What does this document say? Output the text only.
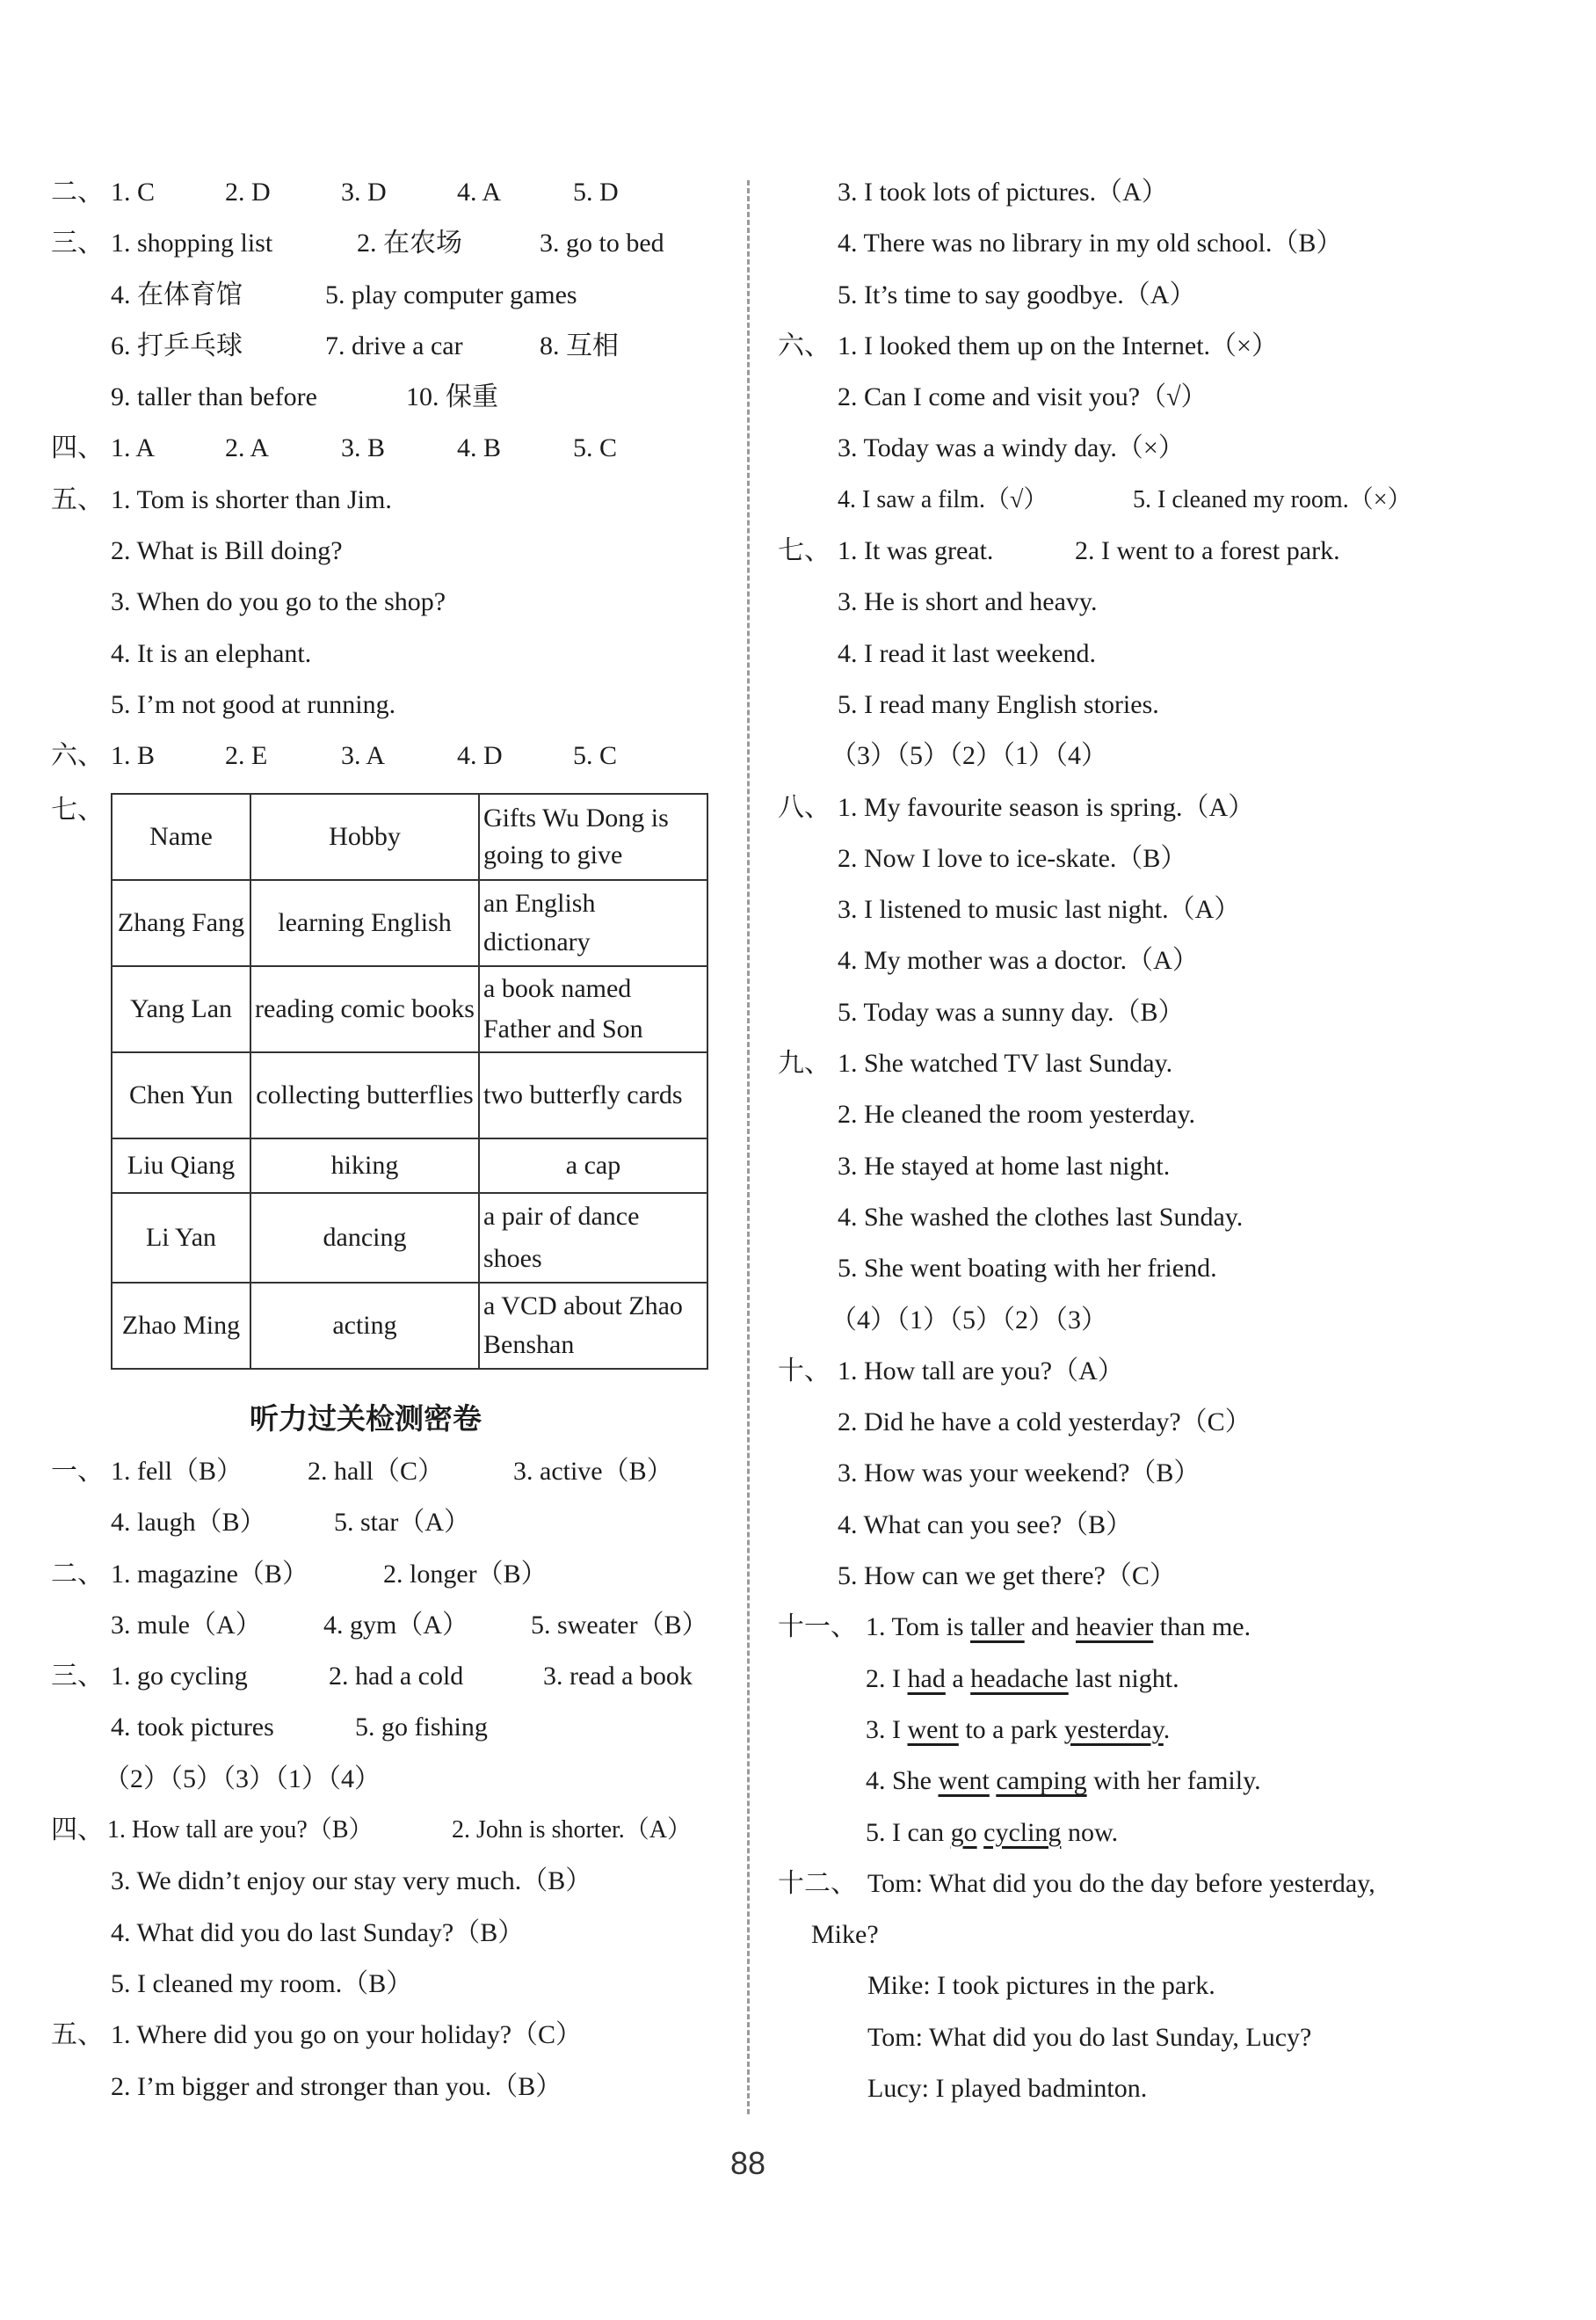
二、 1. C	2. D	3. D	4. A	5. D
三、 1. shopping list	2. 在农场	3. go to bed
4. 在体育馆	5. play computer games
6. 打乒乓球	7. drive a car	8. 互相
9. taller than before	10. 保重
四、 1. A	2. A	3. B	4. B	5. C
五、 1. Tom is shorter than Jim.
2. What is Bill doing?
3. When do you go to the shop?
4. It is an elephant.
5. I’m not good at running.
六、 1. B	2. E	3. A	4. D	5. C
七、
Name	Hobby	Gifts Wu Dong is going to give
Zhang Fang	learning English	an English dictionary
Yang Lan	reading comic books	a book named Father and Son
Chen Yun	collecting butterflies	two butterfly cards
Liu Qiang	hiking	a cap
Li Yan	dancing	a pair of dance shoes
Zhao Ming	acting	a VCD about Zhao Benshan
听力过关检测密卷
一、 1. fell（B） 2. hall（C）	3. active（B）
4. laugh（B）	5. star（A）
二、 1. magazine（B）	2. longer（B）
3. mule（A） 4. gym（A） 5. sweater（B）
三、 1. go cycling	2. had a cold	3. read a book
4. took pictures	5. go fishing
（2）（5）（3）（1）（4）
四、 1. How tall are you?（B）	2. John is shorter.（A）
3. We didn’t enjoy our stay very much.（B）
4. What did you do last Sunday?（B）
5. I cleaned my room.（B）
五、 1. Where did you go on your holiday?（C）
2. I’m bigger and stronger than you.（B）
3. I took lots of pictures.（A）
4. There was no library in my old school.（B）
5. It’s time to say goodbye.（A）
六、 1. I looked them up on the Internet.（×）
2. Can I come and visit you?（√）
3. Today was a windy day.（×）
4. I saw a film.（√）	5. I cleaned my room.（×）
七、 1. It was great.	2. I went to a forest park.
3. He is short and heavy.
4. I read it last weekend.
5. I read many English stories.
（3）（5）（2）（1）（4）
八、 1. My favourite season is spring.（A）
2. Now I love to ice-skate.（B）
3. I listened to music last night.（A）
4. My mother was a doctor.（A）
5. Today was a sunny day.（B）
九、 1. She watched TV last Sunday.
2. He cleaned the room yesterday.
3. He stayed at home last night.
4. She washed the clothes last Sunday.
5. She went boating with her friend.
（4）（1）（5）（2）（3）
十、 1. How tall are you?（A）
2. Did he have a cold yesterday?（C）
3. How was your weekend?（B）
4. What can you see?（B）
5. How can we get there?（C）
十一、 1. Tom is taller and heavier than me.
2. I had a headache last night.
3. I went to a park yesterday.
4. She went camping with her family.
5. I can go cycling now.
十二、 Tom: What did you do the day before yesterday,
Mike?
Mike: I took pictures in the park.
Tom: What did you do last Sunday, Lucy?
Lucy: I played badminton.
88
